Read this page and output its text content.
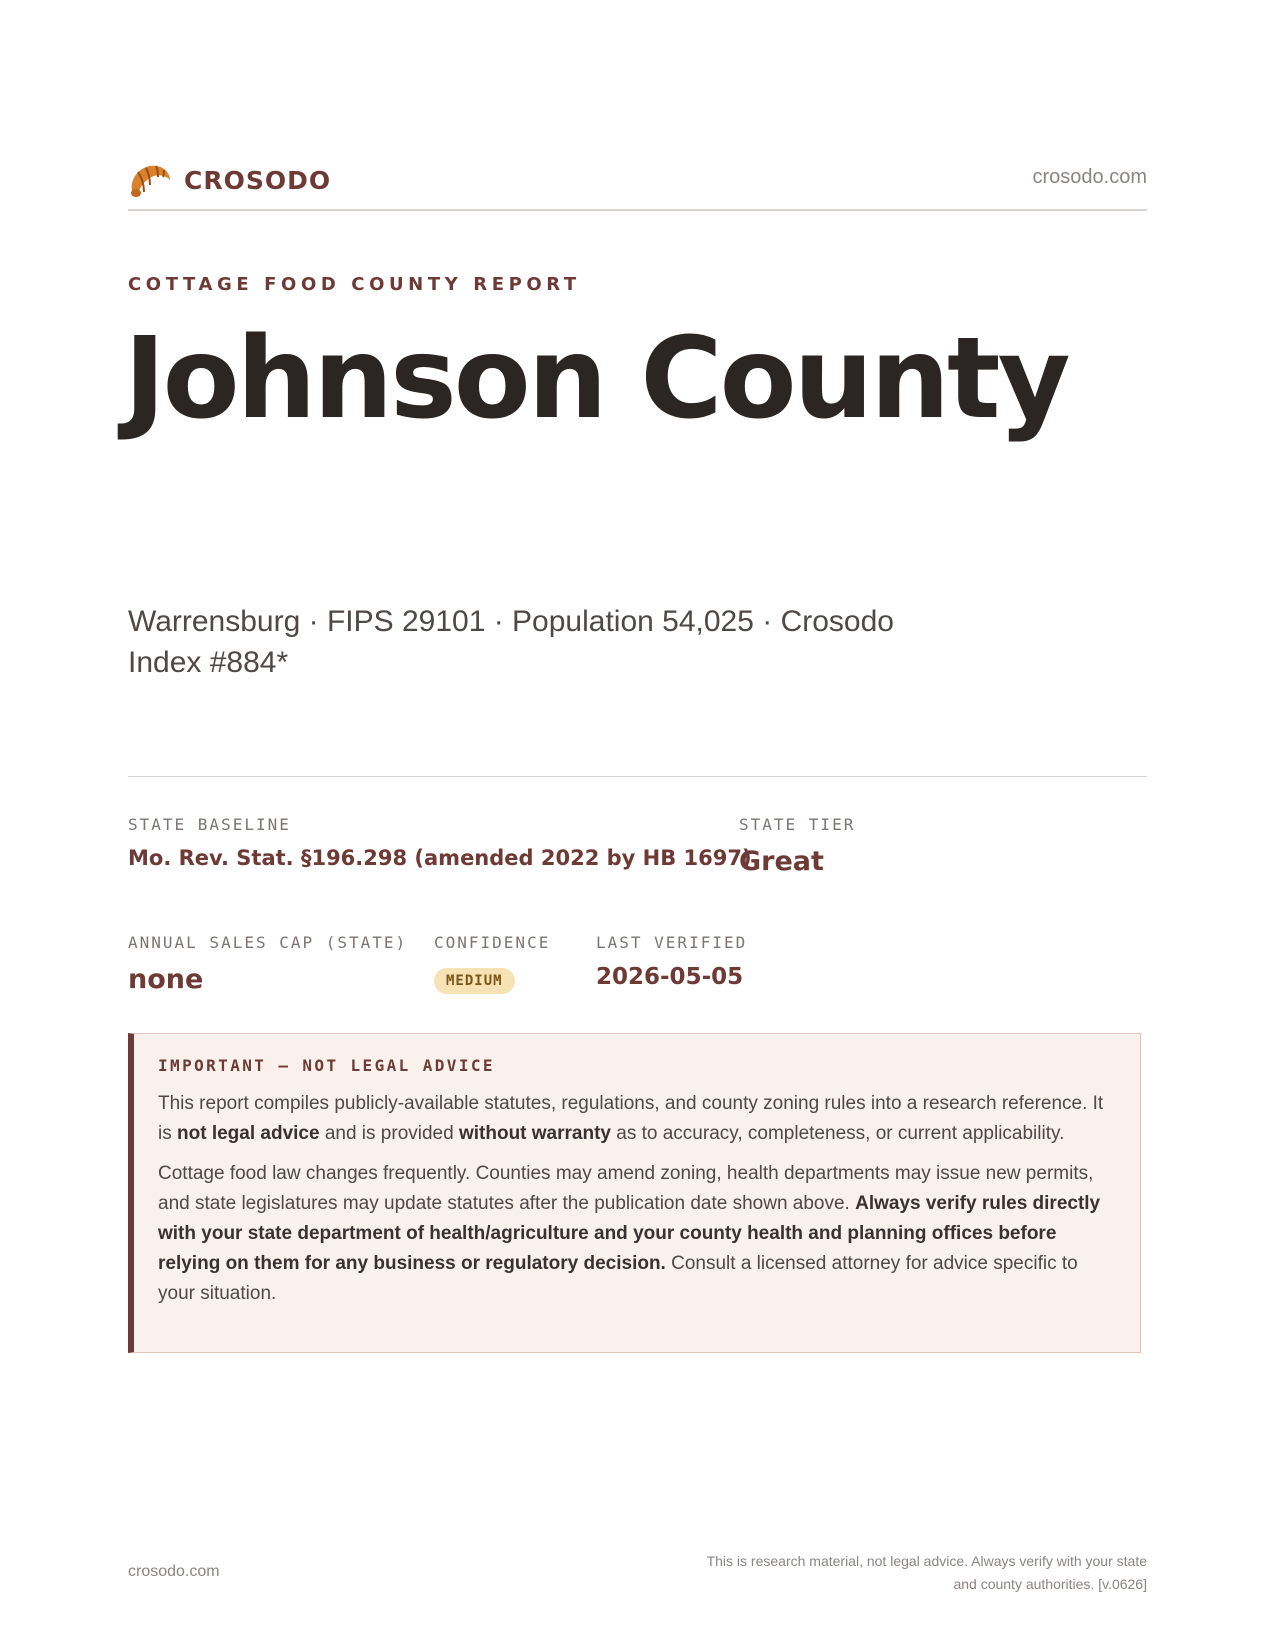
CROSODO	crosodo.com
COTTAGE FOOD COUNTY REPORT
Johnson County
Warrensburg · FIPS 29101 · Population 54,025 · Crosodo Index #884*
STATE BASELINE
Mo. Rev. Stat. §196.298 (amended 2022 by HB 1697)
STATE TIER
Great
ANNUAL SALES CAP (STATE)
none
CONFIDENCE
MEDIUM
LAST VERIFIED
2026-05-05
IMPORTANT — NOT LEGAL ADVICE

This report compiles publicly-available statutes, regulations, and county zoning rules into a research reference. It is not legal advice and is provided without warranty as to accuracy, completeness, or current applicability.

Cottage food law changes frequently. Counties may amend zoning, health departments may issue new permits, and state legislatures may update statutes after the publication date shown above. Always verify rules directly with your state department of health/agriculture and your county health and planning offices before relying on them for any business or regulatory decision. Consult a licensed attorney for advice specific to your situation.

crosodo.com
This is research material, not legal advice. Always verify with your state
and county authorities. [v.0626]
